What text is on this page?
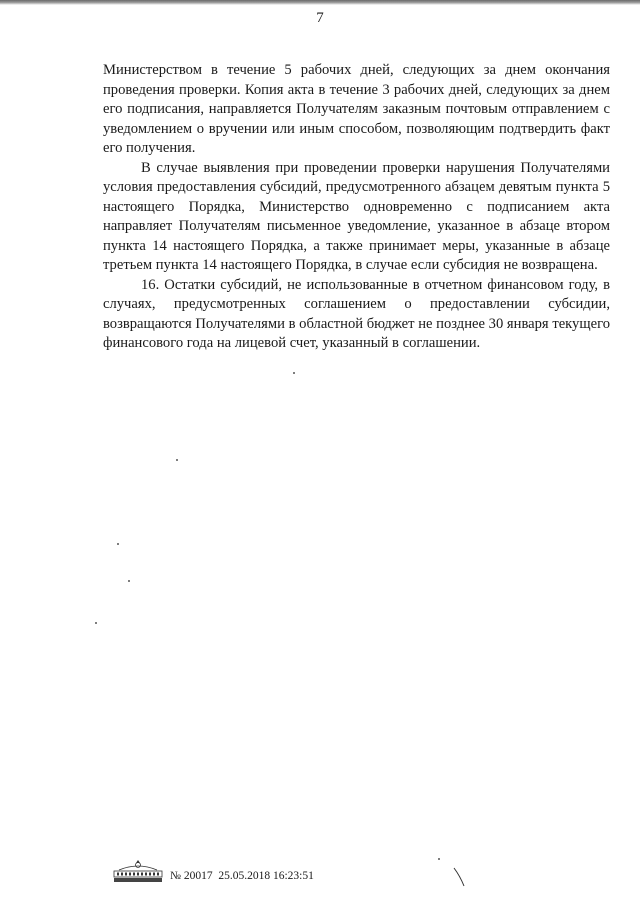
7

Министерством в течение 5 рабочих дней, следующих за днем окончания проведения проверки. Копия акта в течение 3 рабочих дней, следующих за днем его подписания, направляется Получателям заказным почтовым отправлением с уведомлением о вручении или иным способом, позволяющим подтвердить факт его получения.

В случае выявления при проведении проверки нарушения Получателями условия предоставления субсидий, предусмотренного абзацем девятым пункта 5 настоящего Порядка, Министерство одновременно с подписанием акта направляет Получателям письменное уведомление, указанное в абзаце втором пункта 14 настоящего Порядка, а также принимает меры, указанные в абзаце третьем пункта 14 настоящего Порядка, в случае если субсидия не возвращена.

16. Остатки субсидий, не использованные в отчетном финансовом году, в случаях, предусмотренных соглашением о предоставлении субсидии, возвращаются Получателями в областной бюджет не позднее 30 января текущего финансового года на лицевой счет, указанный в соглашении.

№ 20017 25.05.2018 16:23:51
